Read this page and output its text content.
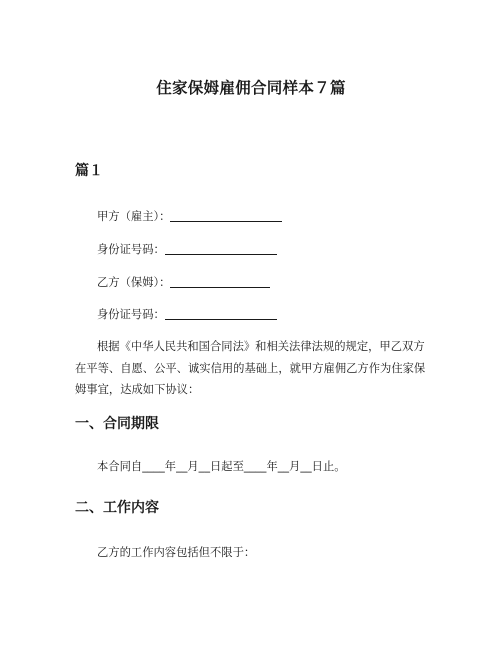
住家保姆雇佣合同样本７篇
篇１

甲方（雇主）：

身份证号码：

乙方（保姆）：

身份证号码：

根据《中华人民共和国合同法》和相关法律法规的规定，甲乙双方在平等、自愿、公平、诚实信用的基础上，就甲方雇佣乙方作为住家保姆事宜，达成如下协议：

一、合同期限

本合同自____年__月__日起至____年__月__日止。

二、工作内容

乙方的工作内容包括但不限于：
